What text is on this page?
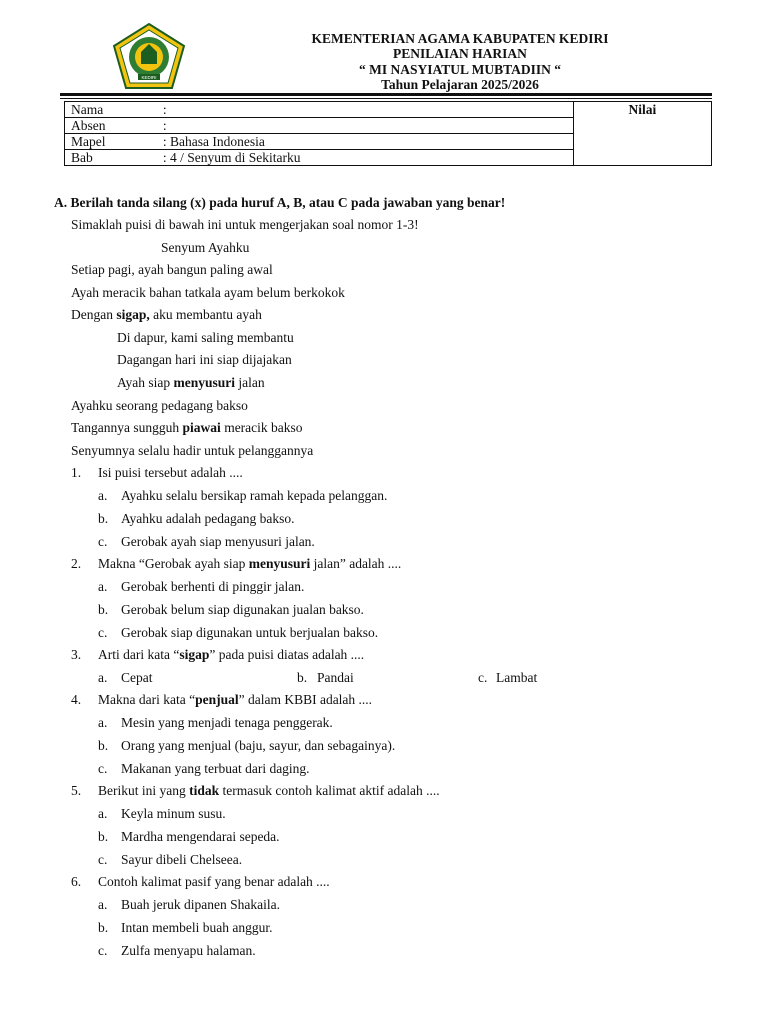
KEDIRI
KEMENTERIAN AGAMA KABUPATEN KEDIRI
PENILAIAN HARIAN
“ MI NASYIATUL MUBTADIIN “
Tahun Pelajaran 2025/2026
Nama	:	Nilai
Absen	:	
Mapel	: Bahasa Indonesia	
Bab	: 4 / Senyum di Sekitarku	
A. Berilah tanda silang (x) pada huruf A, B, atau C pada jawaban yang benar!
Simaklah puisi di bawah ini untuk mengerjakan soal nomor 1-3!
Senyum Ayahku
Setiap pagi, ayah bangun paling awal
Ayah meracik bahan tatkala ayam belum berkokok
Dengan sigap, aku membantu ayah
Di dapur, kami saling membantu
Dagangan hari ini siap dijajakan
Ayah siap menyusuri jalan
Ayahku seorang pedagang bakso
Tangannya sungguh piawai meracik bakso
Senyumnya selalu hadir untuk pelanggannya
1. Isi puisi tersebut adalah ....
a. Ayahku selalu bersikap ramah kepada pelanggan.
b. Ayahku adalah pedagang bakso.
c. Gerobak ayah siap menyusuri jalan.
2. Makna “Gerobak ayah siap menyusuri jalan” adalah ....
a. Gerobak berhenti di pinggir jalan.
b. Gerobak belum siap digunakan jualan bakso.
c. Gerobak siap digunakan untuk berjualan bakso.
3. Arti dari kata “sigap” pada puisi diatas adalah ....
a. Cepat	b. Pandai	c. Lambat
4. Makna dari kata “penjual” dalam KBBI adalah ....
a. Mesin yang menjadi tenaga penggerak.
b. Orang yang menjual (baju, sayur, dan sebagainya).
c. Makanan yang terbuat dari daging.
5. Berikut ini yang tidak termasuk contoh kalimat aktif adalah ....
a. Keyla minum susu.
b. Mardha mengendarai sepeda.
c. Sayur dibeli Chelseea.
6. Contoh kalimat pasif yang benar adalah ....
a. Buah jeruk dipanen Shakaila.
b. Intan membeli buah anggur.
c. Zulfa menyapu halaman.
